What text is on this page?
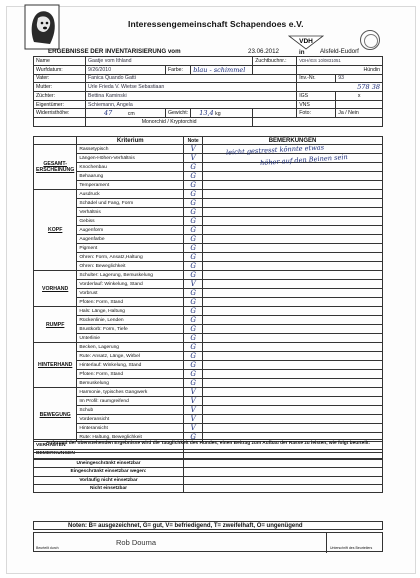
Interessengemeinschaft Schapendoes e.V.
VDH
ERGEBNISSE DER INVENTARISIERUNG vom	23.06.2012	in	Alsfeld-Eudorf
Name	Gaatje vom Ithland			Zuchtbuchnr.:	VDH/IGS 10/0831051	
Wurfdatum:	9/26/2010	Farbe:	blau - schimmel		Hündin	
Vater:	Fanica Quando Gatti				Inv.-Nr.	93
Mutter:	Urle Frieda V. Wietse Sebastiaan				578 38	
Züchter:	Bettina Kaminski				IGS	x
Eigentümer:	Schiemann, Angela				VNS	
Widerristhöhe:	47 cm	Gewicht:	13,4 kg		Foto:	Ja / Nein
	Monorchid / Kryptorchid					
	Kriterium	Note	BEMERKUNGEN
GESAMT-ERSCHEINUNG	Rassetypisch	V	
	Längen-Höhen-Verhältnis	V	
	Knochenbau	G	
	Behaarung	G	
	Temperament	G	
KOPF	Ausdruck	G	
	Schädel und Fang, Form	G	
	Verhältnis	G	
	Gebiss	G	
	Augenform	G	
	Augenfarbe	G	
	Pigment	G	
	Ohren: Form, Ansatz,Haltung	G	
	Ohren: Beweglichkeit	G	
VORHAND	Schulter: Lagerung, Bemuskelung	G	
	Vorderlauf: Winkelung, Stand	V	
	Vorbrust	G	
	Pfoten: Form, Stand	G	
RUMPF	Hals: Länge, Haltung	G	
	Rückenlinie, Lenden	G	
	Brustkorb: Form, Tiefe	G	
	Unterlinie	G	
HINTERHAND	Becken, Lagerung	G	
	Rute: Ansatz, Länge, Wirbel	G	
	Hinterlauf: Winkelung, Stand	G	
	Pfoten: Form, Stand	G	
	Bemuskelung	G	
BEWEGUNG	Harmonie, typisches Gangwerk	V	
	Im Profil: raumgreifend	V	
	Schub	V	
	Vorderansicht	V	
	Hinteransicht	V	
	Rute: Haltung, Beweglichkeit	G	
VERHALTEN			
BEMERKUNGEN			
leicht gestresst könnte etwas
höher auf den Beinen sein
Aufgrund der obenstehenden Ergebnisse wird die Tauglichkeit des Hundes, einen Beitrag zum Aufbau der Rasse zu leisten, wie folgt beurteilt:
Uneingeschränkt einsetzbar	
Eingeschränkt einsetzbar wegen:	
Vorläufig nicht einsetzbar	
Nicht einsetzbar	
Noten: B= ausgezeichnet, G= gut, V= befriedigend, T= zweifelhaft, O= ungenügend
Rob Douma
Beurteilt durch	Unterschrift des Beurteilers
